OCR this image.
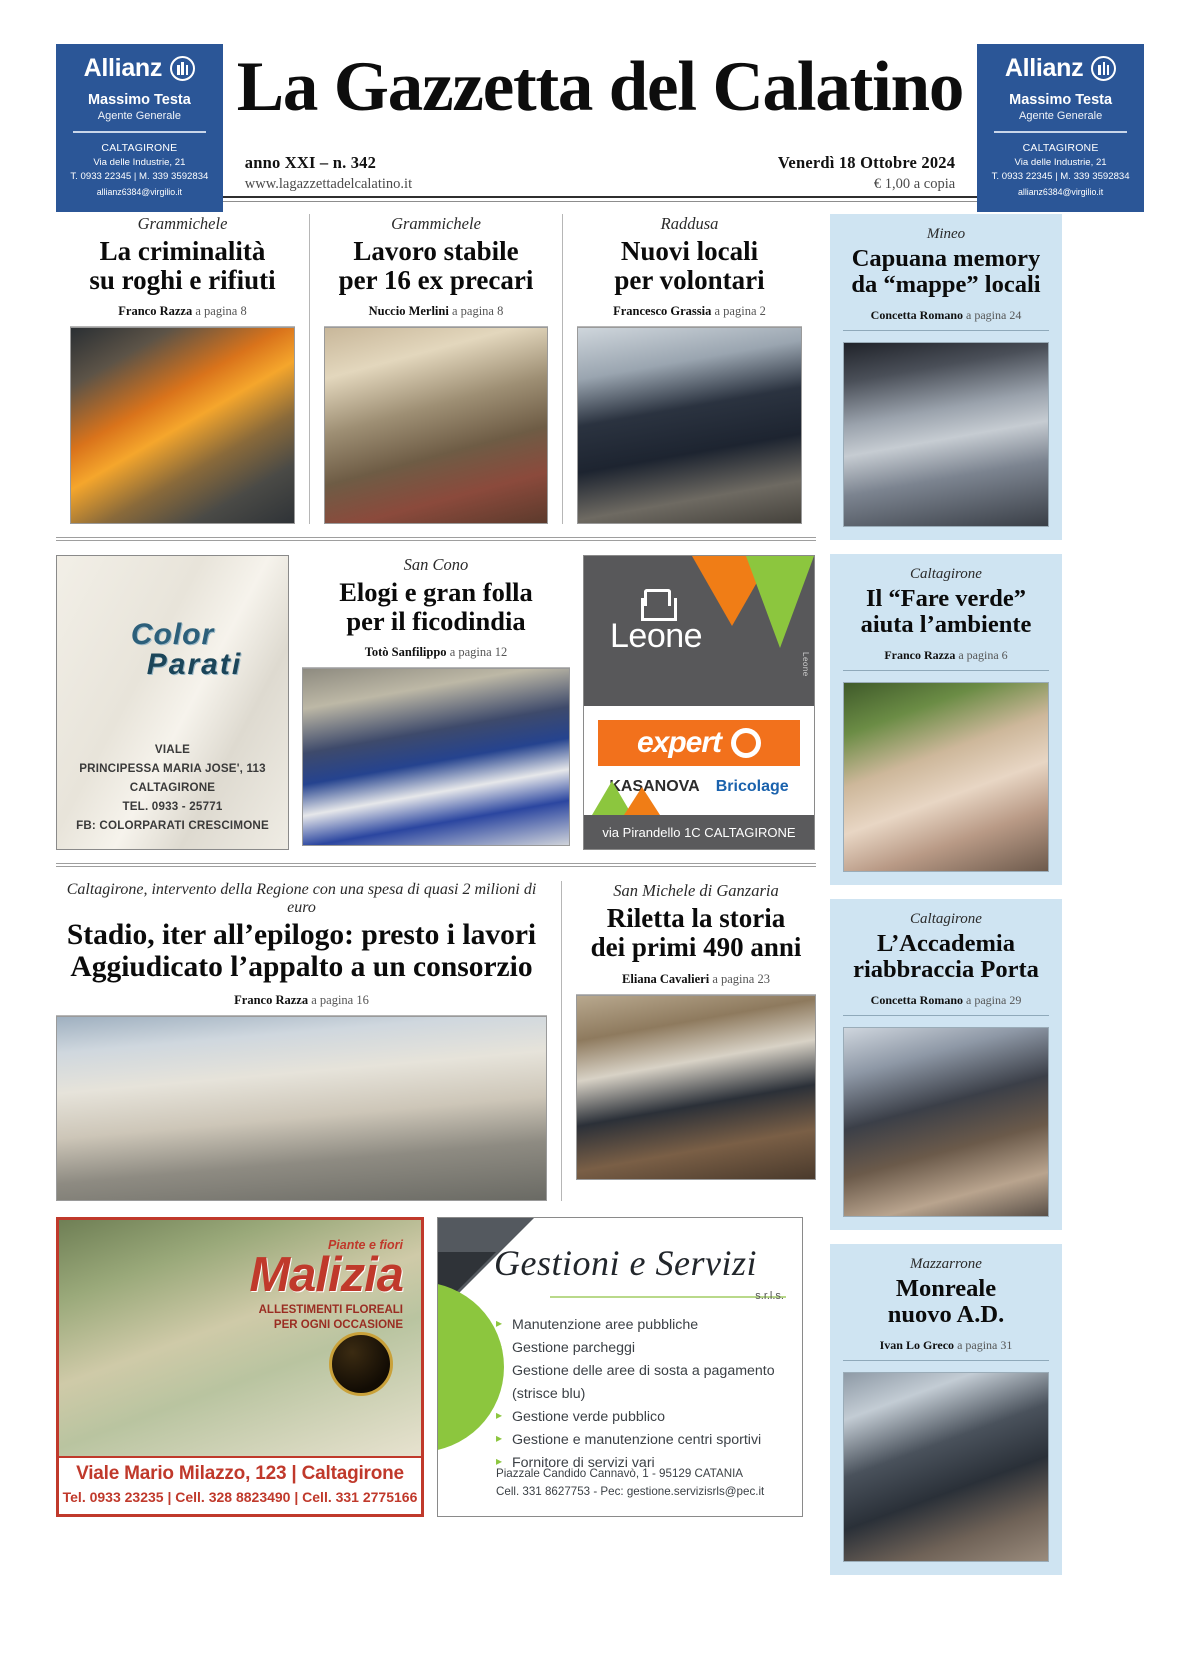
Allianz
Massimo Testa
Agente Generale
CALTAGIRONE
Via delle Industrie, 21
T. 0933 22345 | M. 339 3592834
allianz6384@virgilio.it
La Gazzetta del Calatino
anno XXI – n. 342
www.lagazzettadelcalatino.it
Venerdì 18 Ottobre 2024
€ 1,00 a copia
Allianz
Massimo Testa
Agente Generale
CALTAGIRONE
Via delle Industrie, 21
T. 0933 22345 | M. 339 3592834
allianz6384@virgilio.it
Grammichele
La criminalità
su roghi e rifiuti
Franco Razza a pagina 8
Grammichele
Lavoro stabile
per 16 ex precari
Nuccio Merlini a pagina 8
Raddusa
Nuovi locali
per volontari
Francesco Grassia a pagina 2
Color
Parati
VIALE
PRINCIPESSA MARIA JOSE', 113
CALTAGIRONE
TEL. 0933 - 25771
FB: COLORPARATI CRESCIMONE
San Cono
Elogi e gran folla
per il ficodindia
Totò Sanfilippo a pagina 12	Leone
Leone
expert
KASANOVA Bricolage
via Pirandello 1C CALTAGIRONE
Caltagirone, intervento della Regione con una spesa di quasi 2 milioni di euro
Stadio, iter all’epilogo: presto i lavori
Aggiudicato l’appalto a un consorzio
Franco Razza a pagina 16
San Michele di Ganzaria
Riletta la storia
dei primi 490 anni
Eliana Cavalieri a pagina 23
Piante e fiori
Malizia
ALLESTIMENTI FLOREALI
PER OGNI OCCASIONE
Viale Mario Milazzo, 123 | Caltagirone
Tel. 0933 23235 | Cell. 328 8823490 | Cell. 331 2775166
Gestioni e Servizi
s.r.l.s.
▸ Manutenzione aree pubbliche
▸ Gestione parcheggi
▸ Gestione delle aree di sosta a pagamento
(strisce blu)
▸ Gestione verde pubblico
▸ Gestione e manutenzione centri sportivi
▸ Fornitore di servizi vari
Piazzale Candido Cannavò, 1 - 95129 CATANIA
Cell. 331 8627753 - Pec: gestione.servizisrls@pec.it
Mineo
Capuana memory
da “mappe” locali
Concetta Romano a pagina 24
Caltagirone
Il “Fare verde”
aiuta l’ambiente
Franco Razza a pagina 6
Caltagirone
L’Accademia
riabbraccia Porta
Concetta Romano a pagina 29
Mazzarrone
Monreale
nuovo A.D.
Ivan Lo Greco a pagina 31
